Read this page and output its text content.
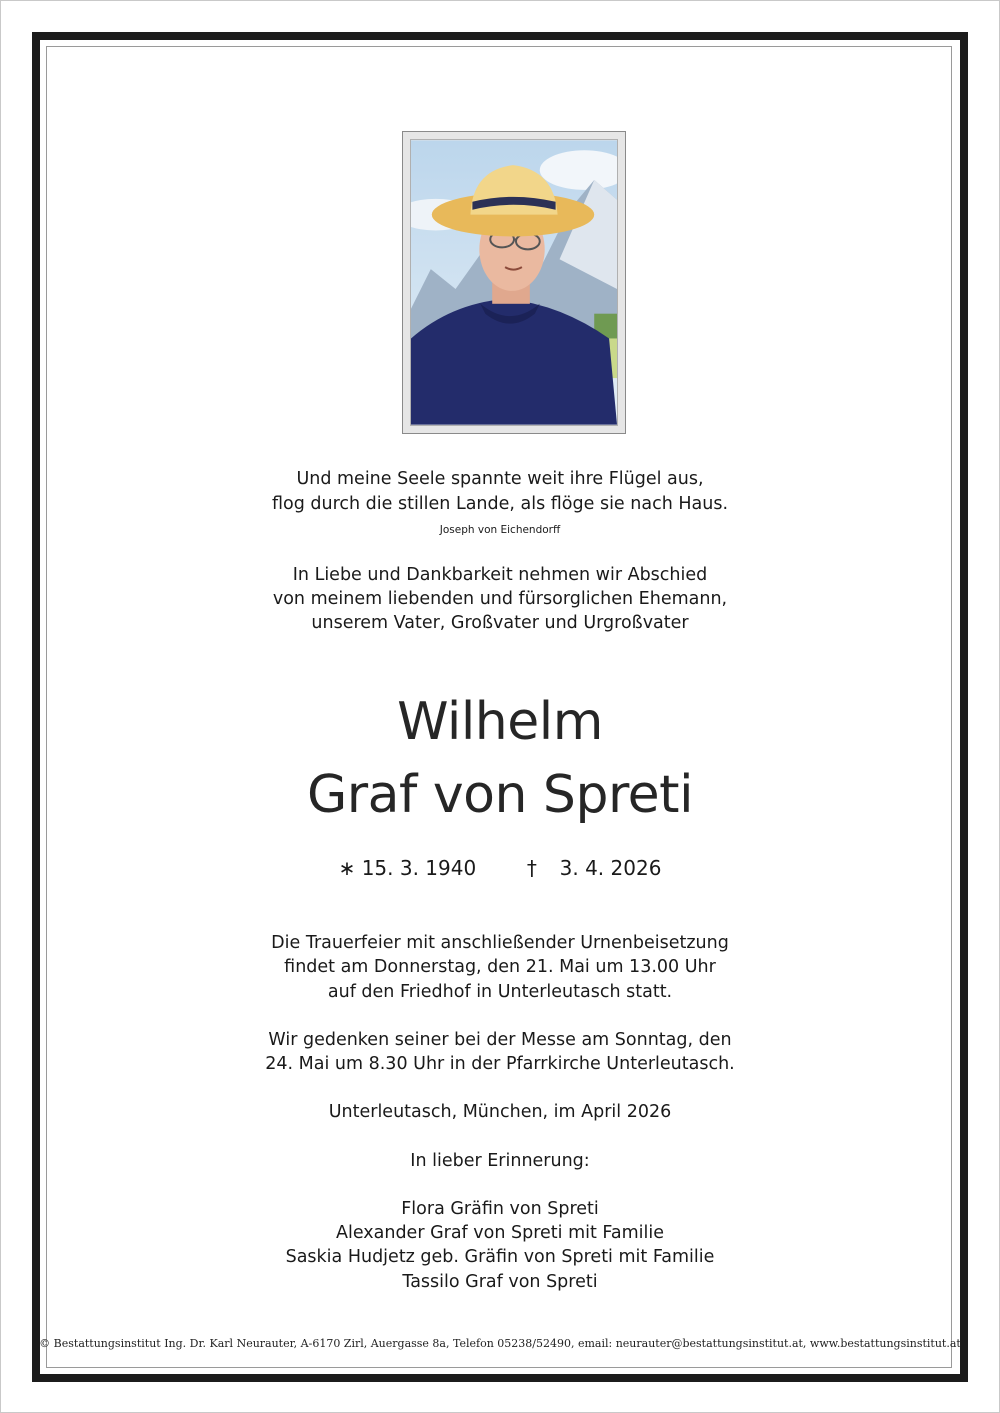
Und meine Seele spannte weit ihre Flügel aus,
flog durch die stillen Lande, als flöge sie nach Haus.
Joseph von Eichendorff
In Liebe und Dankbarkeit nehmen wir Abschied
von meinem liebenden und fürsorglichen Ehemann,
unserem Vater, Großvater und Urgroßvater
Wilhelm
Graf von Spreti
∗ 15. 3. 1940	† 3. 4. 2026
Die Trauerfeier mit anschließender Urnenbeisetzung
findet am Donnerstag, den 21. Mai um 13.00 Uhr
auf den Friedhof in Unterleutasch statt.
Wir gedenken seiner bei der Messe am Sonntag, den
24. Mai um 8.30 Uhr in der Pfarrkirche Unterleutasch.
Unterleutasch, München, im April 2026
In lieber Erinnerung:
Flora Gräfin von Spreti
Alexander Graf von Spreti mit Familie
Saskia Hudjetz geb. Gräfin von Spreti mit Familie
Tassilo Graf von Spreti
© Bestattungsinstitut Ing. Dr. Karl Neurauter, A-6170 Zirl, Auergasse 8a, Telefon 05238/52490, email: neurauter@bestattungsinstitut.at, www.bestattungsinstitut.at
